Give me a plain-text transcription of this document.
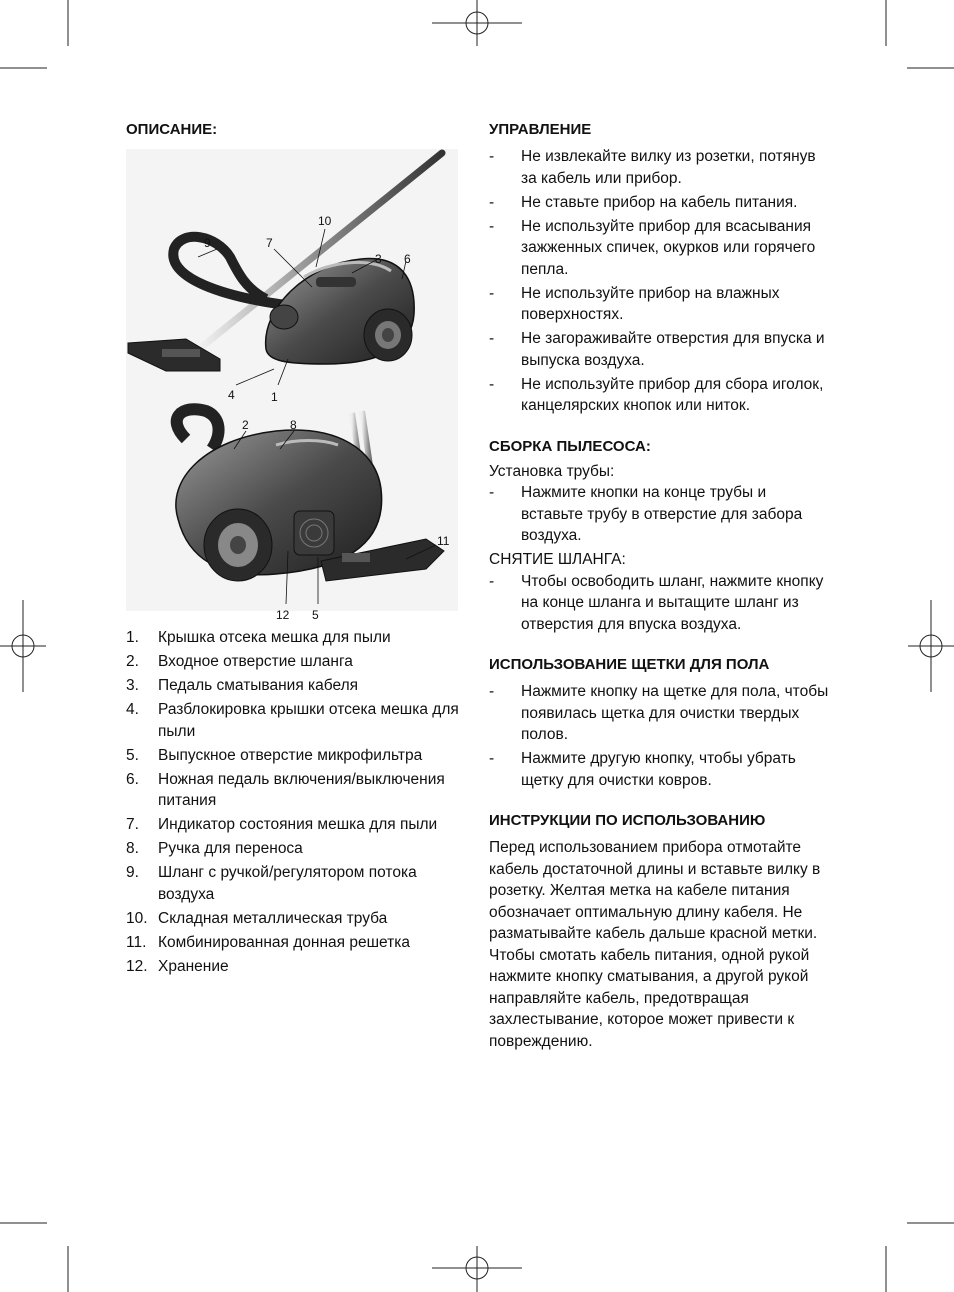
ОПИСАНИЕ:
10
7
9
3 6
4	1
2	8
11
12 5
1.	Крышка отсека мешка для пыли
2.	Входное отверстие шланга
3.	Педаль сматывания кабеля
4.	Разблокировка крышки отсека мешка для пыли
5.	Выпускное отверстие микрофильтра
6.	Ножная педаль включения/выключения питания
7.	Индикатор состояния мешка для пыли
8.	Ручка для переноса
9.	Шланг с ручкой/регулятором потока воздуха
10. Складная металлическая труба
11. Комбинированная донная решетка
12. Хранение
УПРАВЛЕНИЕ
-	Не извлекайте вилку из розетки, потянув за кабель или прибор.
-	Не ставьте прибор на кабель питания.
-	Не используйте прибор для всасывания зажженных спичек, окурков или горячего пепла.
-	Не используйте прибор на влажных поверхностях.
-	Не загораживайте отверстия для впуска и выпуска воздуха.
-	Не используйте прибор для сбора иголок, канцелярских кнопок или ниток.
СБОРКА ПЫЛЕСОСА:
Установка трубы:
-	Нажмите кнопки на конце трубы и вставьте трубу в отверстие для забора воздуха.
СНЯТИЕ ШЛАНГА:
-	Чтобы освободить шланг, нажмите кнопку на конце шланга и вытащите шланг из отверстия для впуска воздуха.
ИСПОЛЬЗОВАНИЕ ЩЕТКИ ДЛЯ ПОЛА
-	Нажмите кнопку на щетке для пола, чтобы появилась щетка для очистки твердых полов.
-	Нажмите другую кнопку, чтобы убрать щетку для очистки ковров.
ИНСТРУКЦИИ ПО ИСПОЛЬЗОВАНИЮ

Перед использованием прибора отмотайте кабель достаточной длины и вставьте вилку в розетку. Желтая метка на кабеле питания обозначает оптимальную длину кабеля. Не разматывайте кабель дальше красной метки.

Чтобы смотать кабель питания, одной рукой нажмите кнопку сматывания, а другой рукой направляйте кабель, предотвращая захлестывание, которое может привести к повреждению.
